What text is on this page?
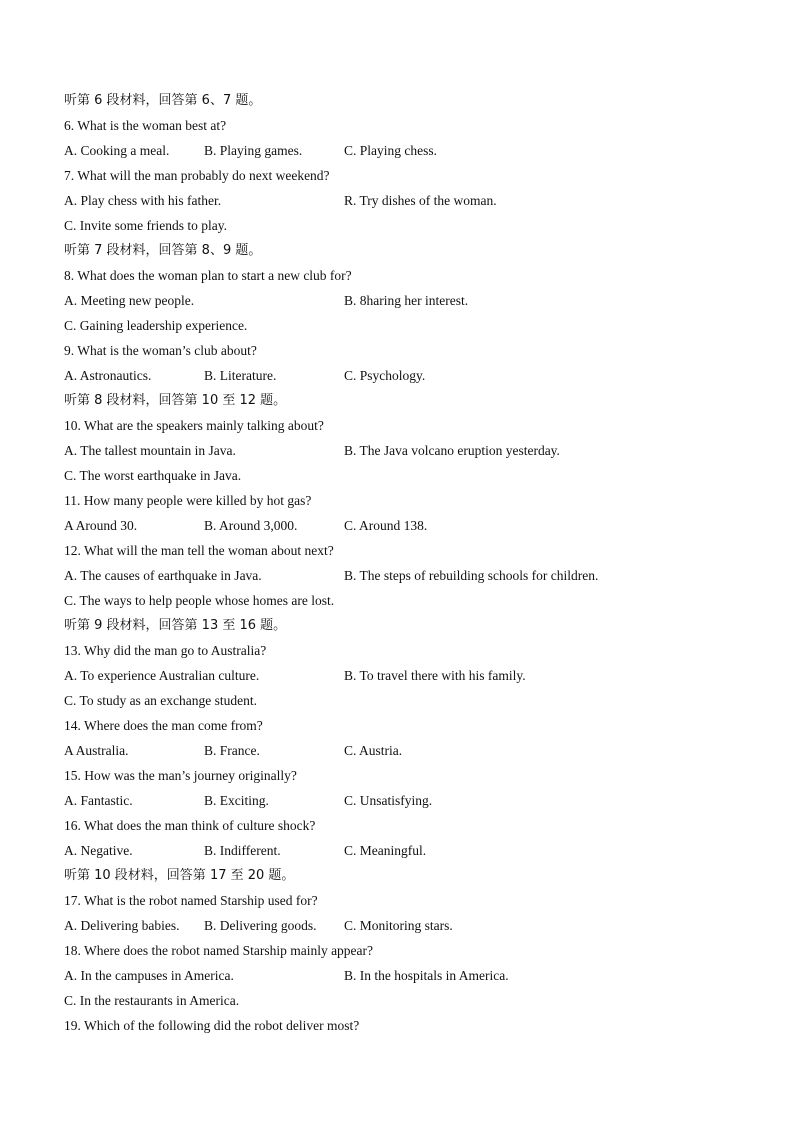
听第 6 段材料，回答第 6、7 题。
6. What is the woman best at?
A. Cooking a meal.	B. Playing games.	C. Playing chess.
7. What will the man probably do next weekend?
A. Play chess with his father.	R. Try dishes of the woman.
C. Invite some friends to play.
听第 7 段材料，回答第 8、9 题。
8. What does the woman plan to start a new club for?
A. Meeting new people.	B. 8haring her interest.
C. Gaining leadership experience.
9. What is the woman’s club about?
A. Astronautics.	B. Literature.	C. Psychology.
听第 8 段材料，回答第 10 至 12 题。
10. What are the speakers mainly talking about?
A. The tallest mountain in Java.	B. The Java volcano eruption yesterday.
C. The worst earthquake in Java.
11. How many people were killed by hot gas?
A Around 30.	B. Around 3,000.	C. Around 138.
12. What will the man tell the woman about next?
A. The causes of earthquake in Java.	B. The steps of rebuilding schools for children.
C. The ways to help people whose homes are lost.
听第 9 段材料，回答第 13 至 16 题。
13. Why did the man go to Australia?
A. To experience Australian culture.	B. To travel there with his family.
C. To study as an exchange student.
14. Where does the man come from?
A Australia.	B. France.	C. Austria.
15. How was the man’s journey originally?
A. Fantastic.	B. Exciting.	C. Unsatisfying.
16. What does the man think of culture shock?
A. Negative.	B. Indifferent.	C. Meaningful.
听第 10 段材料，回答第 17 至 20 题。
17. What is the robot named Starship used for?
A. Delivering babies. B. Delivering goods. C. Monitoring stars.
18. Where does the robot named Starship mainly appear?
A. In the campuses in America.	B. In the hospitals in America.
C. In the restaurants in America.
19. Which of the following did the robot deliver most?
